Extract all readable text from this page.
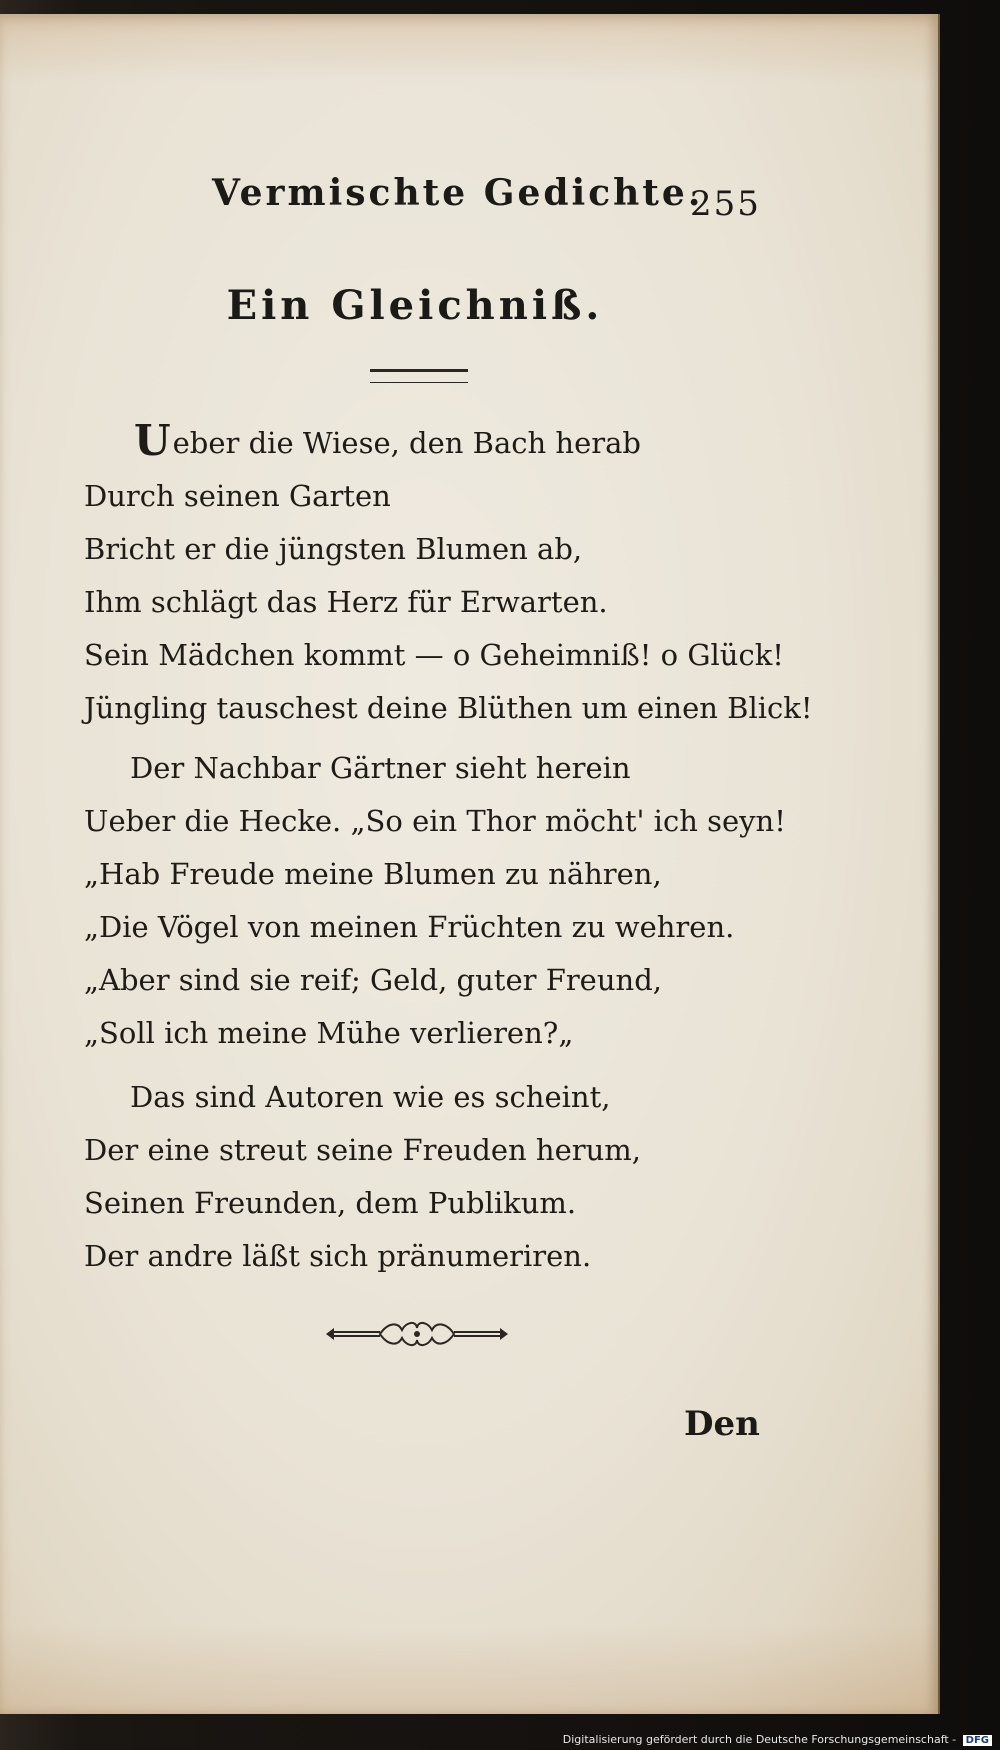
Vermischte Gedichte.
255
Ein Gleichniß.
Ueber die Wiese, den Bach herab
Durch seinen Garten
Bricht er die jüngsten Blumen ab,
Ihm schlägt das Herz für Erwarten.
Sein Mädchen kommt — o Geheimniß! o Glück!
Jüngling tauschest deine Blüthen um einen Blick!
Der Nachbar Gärtner sieht herein
Ueber die Hecke. „So ein Thor möcht' ich seyn!
„Hab Freude meine Blumen zu nähren,
„Die Vögel von meinen Früchten zu wehren.
„Aber sind sie reif; Geld, guter Freund,
„Soll ich meine Mühe verlieren?„
Das sind Autoren wie es scheint,
Der eine streut seine Freuden herum,
Seinen Freunden, dem Publikum.
Der andre läßt sich pränumeriren.
Den
Digitalisierung gefördert durch die Deutsche Forschungsgemeinschaft - DFG
